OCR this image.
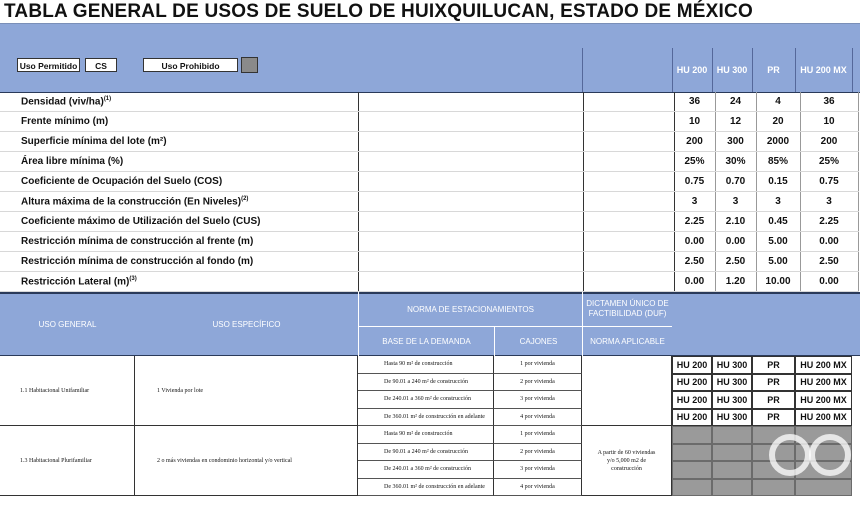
TABLA GENERAL DE USOS DE SUELO DE HUIXQUILUCAN, ESTADO DE MÉXICO
Uso Permitido	CS	Uso Prohibido	HU 200	HU 300	PR	HU 200 MX
Densidad $(viv/ha)^{(1)}$			36	24	4	36
Frente mínimo (m)			10	12	20	10
Superficie mínima del lote (m²)			200	300	2000	200
Área libre mínima (%)			25%	30%	85%	25%
Coeficiente de Ocupación del Suelo (COS)			0.75	0.70	0.15	0.75
Altura máxima de la construcción (En Niveles)$^{(2)}$			3	3	3	3
Coeficiente máximo de Utilización del Suelo (CUS)			2.25	2.10	0.45	2.25
Restricción mínima de construcción al frente (m)			0.00	0.00	5.00	0.00
Restricción mínima de construcción al fondo (m)			2.50	2.50	5.00	2.50
Restricción Lateral $(m)^{(3)}$			0.00	1.20	10.00	0.00
USO GENERAL	USO ESPECÍFICO
NORMA DE ESTACIONAMIENTOS
DICTAMEN ÚNICO DE FACTIBILIDAD (DUF)
BASE DE LA DEMANDA	CAJONES	NORMA APLICABLE
1.1 Habitacional Unifamiliar	1 Vivienda por lote
Hasta 90 m² de construcción	1 por vivienda	HU 200	HU 300	PR	HU 200 MX
De 90.01 a 240 m² de construcción	2 por vivienda	HU 200	HU 300	PR	HU 200 MX
De 240.01 a 360 m² de construcción	3 por vivienda	HU 200	HU 300	PR	HU 200 MX
De 360.01 m² de construcción en adelante	4 por vivienda	HU 200	HU 300	PR	HU 200 MX
1.3 Habitacional Plurifamiliar	2 o más viviendas en condominio horizontal y/o vertical
A partir de 60 viviendas y/o 5,000 m2 de construcción
Hasta 90 m² de construcción	1 por vivienda
De 90.01 a 240 m² de construcción	2 por vivienda
De 240.01 a 360 m² de construcción	3 por vivienda
De 360.01 m² de construcción en adelante	4 por vivienda
